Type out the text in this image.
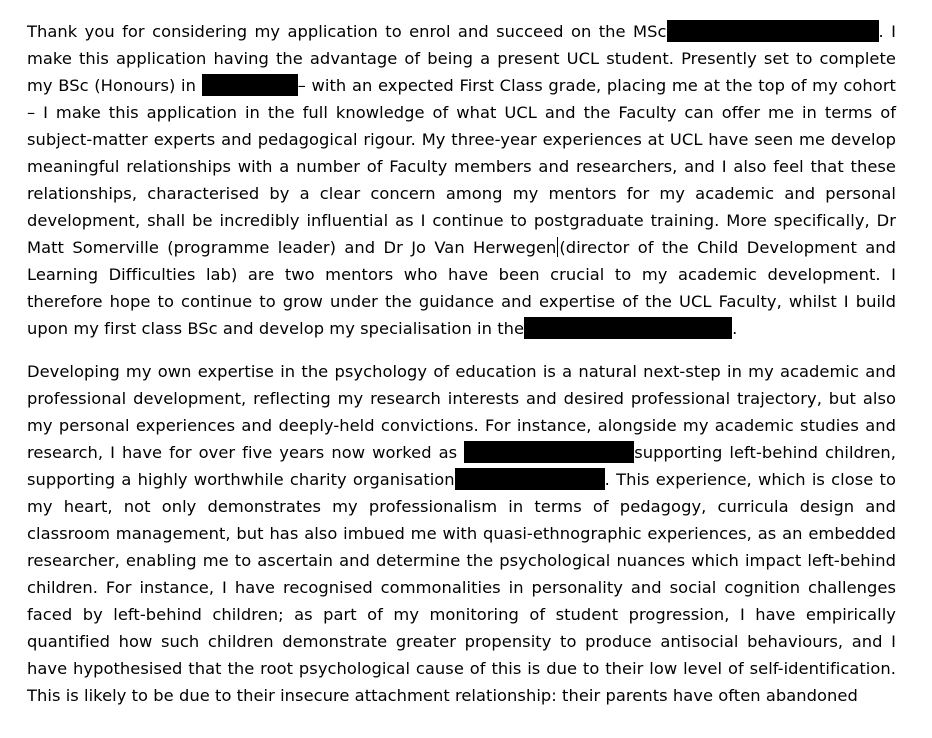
Thank you for considering my application to enrol and succeed on the MSc	. I make this application having the advantage of being a present UCL student. Presently set to complete my BSc (Honours) in	– with an expected First Class grade, placing me at the top of my cohort – I make this application in the full knowledge of what UCL and the Faculty can offer me in terms of subject-matter experts and pedagogical rigour. My three-year experiences at UCL have seen me develop meaningful relationships with a number of Faculty members and researchers, and I also feel that these relationships, characterised by a clear concern among my mentors for my academic and personal development, shall be incredibly influential as I continue to postgraduate training. More specifically, Dr Matt Somerville (programme leader) and Dr Jo Van Herwegen (director of the Child Development and Learning Difficulties lab) are two mentors who have been crucial to my academic development. I therefore hope to continue to grow under the guidance and expertise of the UCL Faculty, whilst I build upon my first class BSc and develop my specialisation in the	.
Developing my own expertise in the psychology of education is a natural next-step in my academic and professional development, reflecting my research interests and desired professional trajectory, but also my personal experiences and deeply-held convictions. For instance, alongside my academic studies and research, I have for over five years now worked as	supporting left-behind children, supporting a highly worthwhile charity organisation	. This experience, which is close to my heart, not only demonstrates my professionalism in terms of pedagogy, curricula design and classroom management, but has also imbued me with quasi-ethnographic experiences, as an embedded researcher, enabling me to ascertain and determine the psychological nuances which impact left-behind children. For instance, I have recognised commonalities in personality and social cognition challenges faced by left-behind children; as part of my monitoring of student progression, I have empirically quantified how such children demonstrate greater propensity to produce antisocial behaviours, and I have hypothesised that the root psychological cause of this is due to their low level of self-identification. This is likely to be due to their insecure attachment relationship: their parents have often abandoned
